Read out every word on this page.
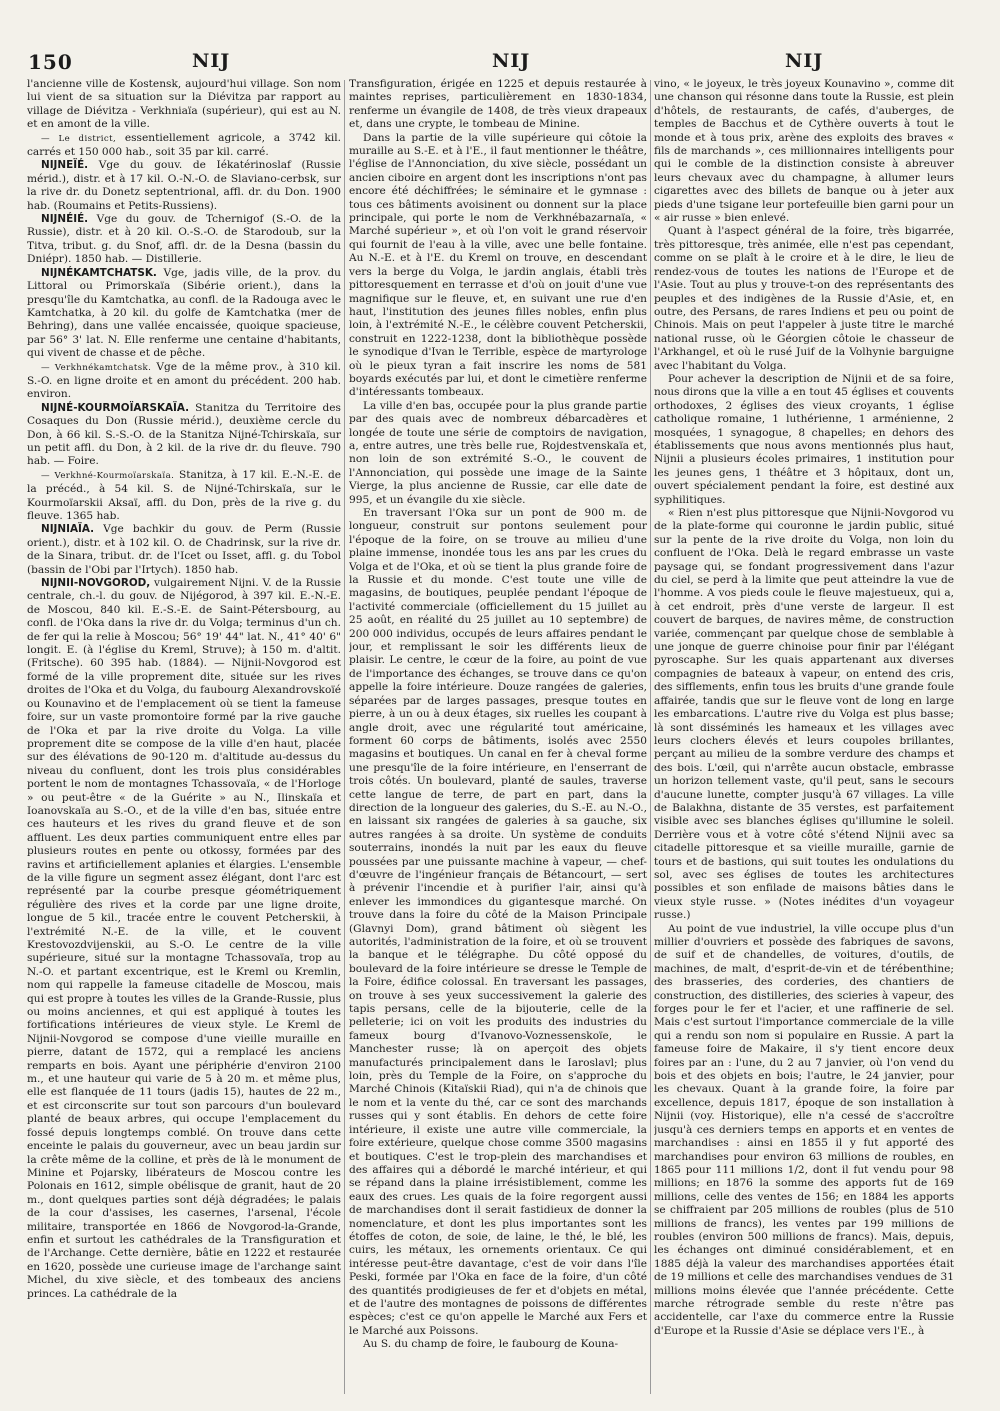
150	NIJ	NIJ	NIJ

l'ancienne ville de Kostensk, aujourd'hui village. Son nom lui vient de sa situation sur la Diévitza par rapport au village de Diévitza - Verkhniaïa (supérieur), qui est au N. et en amont de la ville.

— Le district, essentiellement agricole, a 3742 kil. carrés et 150 000 hab., soit 35 par kil. carré.

NIJNEÏÉ. Vge du gouv. de Iékatérinoslaf (Russie mérid.), distr. et à 17 kil. O.-N.-O. de Slaviano-cerbsk, sur la rive dr. du Donetz septentrional, affl. dr. du Don. 1900 hab. (Roumains et Petits-Russiens).

NIJNÉIÉ. Vge du gouv. de Tchernigof (S.-O. de la Russie), distr. et à 20 kil. O.-S.-O. de Starodoub, sur la Titva, tribut. g. du Snof, affl. dr. de la Desna (bassin du Dniépr). 1850 hab. — Distillerie.

NIJNÉKAMTCHATSK. Vge, jadis ville, de la prov. du Littoral ou Primorskaïa (Sibérie orient.), dans la presqu'île du Kamtchatka, au confl. de la Radouga avec le Kamtchatka, à 20 kil. du golfe de Kamtchatka (mer de Behring), dans une vallée encaissée, quoique spacieuse, par 56° 3' lat. N. Elle renferme une centaine d'habitants, qui vivent de chasse et de pêche.

— Verkhnékamtchatsk. Vge de la même prov., à 310 kil. S.-O. en ligne droite et en amont du précédent. 200 hab. environ.

NIJNÉ-KOURMOÏARSKAÏA. Stanitza du Territoire des Cosaques du Don (Russie mérid.), deuxième cercle du Don, à 66 kil. S.-S.-O. de la Stanitza Nijné-Tchirskaïa, sur un petit affl. du Don, à 2 kil. de la rive dr. du fleuve. 790 hab. — Foire.

— Verkhné-Kourmoïarskaïa. Stanitza, à 17 kil. E.-N.-E. de la précéd., à 54 kil. S. de Nijné-Tchirskaïa, sur le Kourmoïarskii Aksaï, affl. du Don, près de la rive g. du fleuve. 1365 hab.

NIJNIAÏA. Vge bachkir du gouv. de Perm (Russie orient.), distr. et à 102 kil. O. de Chadrinsk, sur la rive dr. de la Sinara, tribut. dr. de l'Icet ou Isset, affl. g. du Tobol (bassin de l'Obi par l'Irtych). 1850 hab.

NIJNII-NOVGOROD, vulgairement Nijni. V. de la Russie centrale, ch.-l. du gouv. de Nijégorod, à 397 kil. E.-N.-E. de Moscou, 840 kil. E.-S.-E. de Saint-Pétersbourg, au confl. de l'Oka dans la rive dr. du Volga; terminus d'un ch. de fer qui la relie à Moscou; 56° 19' 44" lat. N., 41° 40' 6" longit. E. (à l'église du Kreml, Struve); à 150 m. d'altit. (Fritsche). 60 395 hab. (1884). — Nijnii-Novgorod est formé de la ville proprement dite, située sur les rives droites de l'Oka et du Volga, du faubourg Alexandrovskoïé ou Kounavino et de l'emplacement où se tient la fameuse foire, sur un vaste promontoire formé par la rive gauche de l'Oka et par la rive droite du Volga. La ville proprement dite se compose de la ville d'en haut, placée sur des élévations de 90-120 m. d'altitude au-dessus du niveau du confluent, dont les trois plus considérables portent le nom de montagnes Tchassovaïa, « de l'Horloge » ou peut-être « de la Guérite » au N., Ilinskaïa et Ioanovskaïa au S.-O., et de la ville d'en bas, située entre ces hauteurs et les rives du grand fleuve et de son affluent. Les deux parties communiquent entre elles par plusieurs routes en pente ou otkossy, formées par des ravins et artificiellement aplanies et élargies. L'ensemble de la ville figure un segment assez élégant, dont l'arc est représenté par la courbe presque géométriquement régulière des rives et la corde par une ligne droite, longue de 5 kil., tracée entre le couvent Petcherskii, à l'extrémité N.-E. de la ville, et le couvent Krestovozdvijenskii, au S.-O. Le centre de la ville supérieure, situé sur la montagne Tchassovaïa, trop au N.-O. et partant excentrique, est le Kreml ou Kremlin, nom qui rappelle la fameuse citadelle de Moscou, mais qui est propre à toutes les villes de la Grande-Russie, plus ou moins anciennes, et qui est appliqué à toutes les fortifications intérieures de vieux style. Le Kreml de Nijnii-Novgorod se compose d'une vieille muraille en pierre, datant de 1572, qui a remplacé les anciens remparts en bois. Ayant une périphérie d'environ 2100 m., et une hauteur qui varie de 5 à 20 m. et même plus, elle est flanquée de 11 tours (jadis 15), hautes de 22 m., et est circonscrite sur tout son parcours d'un boulevard planté de beaux arbres, qui occupe l'emplacement du fossé depuis longtemps comblé. On trouve dans cette enceinte le palais du gouverneur, avec un beau jardin sur la crête même de la colline, et près de là le monument de Minine et Pojarsky, libérateurs de Moscou contre les Polonais en 1612, simple obélisque de granit, haut de 20 m., dont quelques parties sont déjà dégradées; le palais de la cour d'assises, les casernes, l'arsenal, l'école militaire, transportée en 1866 de Novgorod-la-Grande, enfin et surtout les cathédrales de la Transfiguration et de l'Archange. Cette dernière, bâtie en 1222 et restaurée en 1620, possède une curieuse image de l'archange saint Michel, du xive siècle, et des tombeaux des anciens princes. La cathédrale de la

Transfiguration, érigée en 1225 et depuis restaurée à maintes reprises, particulièrement en 1830-1834, renferme un évangile de 1408, de très vieux drapeaux et, dans une crypte, le tombeau de Minine.

Dans la partie de la ville supérieure qui côtoie la muraille au S.-E. et à l'E., il faut mentionner le théâtre, l'église de l'Annonciation, du xive siècle, possédant un ancien ciboire en argent dont les inscriptions n'ont pas encore été déchiffrées; le séminaire et le gymnase : tous ces bâtiments avoisinent ou donnent sur la place principale, qui porte le nom de Verkhnébazarnaïa, « Marché supérieur », et où l'on voit le grand réservoir qui fournit de l'eau à la ville, avec une belle fontaine. Au N.-E. et à l'E. du Kreml on trouve, en descendant vers la berge du Volga, le jardin anglais, établi très pittoresquement en terrasse et d'où on jouit d'une vue magnifique sur le fleuve, et, en suivant une rue d'en haut, l'institution des jeunes filles nobles, enfin plus loin, à l'extrémité N.-E., le célèbre couvent Petcherskii, construit en 1222-1238, dont la bibliothèque possède le synodique d'Ivan le Terrible, espèce de martyrologe où le pieux tyran a fait inscrire les noms de 581 boyards exécutés par lui, et dont le cimetière renferme d'intéressants tombeaux.

La ville d'en bas, occupée pour la plus grande partie par des quais avec de nombreux débarcadères et longée de toute une série de comptoirs de navigation, a, entre autres, une très belle rue, Rojdestvenskaïa et, non loin de son extrémité S.-O., le couvent de l'Annonciation, qui possède une image de la Sainte Vierge, la plus ancienne de Russie, car elle date de 995, et un évangile du xie siècle.

En traversant l'Oka sur un pont de 900 m. de longueur, construit sur pontons seulement pour l'époque de la foire, on se trouve au milieu d'une plaine immense, inondée tous les ans par les crues du Volga et de l'Oka, et où se tient la plus grande foire de la Russie et du monde. C'est toute une ville de magasins, de boutiques, peuplée pendant l'époque de l'activité commerciale (officiellement du 15 juillet au 25 août, en réalité du 25 juillet au 10 septembre) de 200 000 individus, occupés de leurs affaires pendant le jour, et remplissant le soir les différents lieux de plaisir. Le centre, le cœur de la foire, au point de vue de l'importance des échanges, se trouve dans ce qu'on appelle la foire intérieure. Douze rangées de galeries, séparées par de larges passages, presque toutes en pierre, à un ou à deux étages, six ruelles les coupant à angle droit, avec une régularité tout américaine, forment 60 corps de bâtiments, isolés avec 2550 magasins et boutiques. Un canal en fer à cheval forme une presqu'île de la foire intérieure, en l'enserrant de trois côtés. Un boulevard, planté de saules, traverse cette langue de terre, de part en part, dans la direction de la longueur des galeries, du S.-E. au N.-O., en laissant six rangées de galeries à sa gauche, six autres rangées à sa droite. Un système de conduits souterrains, inondés la nuit par les eaux du fleuve poussées par une puissante machine à vapeur, — chef-d'œuvre de l'ingénieur français de Bétancourt, — sert à prévenir l'incendie et à purifier l'air, ainsi qu'à enlever les immondices du gigantesque marché. On trouve dans la foire du côté de la Maison Principale (Glavnyi Dom), grand bâtiment où siègent les autorités, l'administration de la foire, et où se trouvent la banque et le télégraphe. Du côté opposé du boulevard de la foire intérieure se dresse le Temple de la Foire, édifice colossal. En traversant les passages, on trouve à ses yeux successivement la galerie des tapis persans, celle de la bijouterie, celle de la pelleterie; ici on voit les produits des industries du fameux bourg d'Ivanovo-Voznessenskoïe, le Manchester russe; là on aperçoit des objets manufacturés principalement dans le Iaroslavl; plus loin, près du Temple de la Foire, on s'approche du Marché Chinois (Kitaïskii Riad), qui n'a de chinois que le nom et la vente du thé, car ce sont des marchands russes qui y sont établis. En dehors de cette foire intérieure, il existe une autre ville commerciale, la foire extérieure, quelque chose comme 3500 magasins et boutiques. C'est le trop-plein des marchandises et des affaires qui a débordé le marché intérieur, et qui se répand dans la plaine irrésistiblement, comme les eaux des crues. Les quais de la foire regorgent aussi de marchandises dont il serait fastidieux de donner la nomenclature, et dont les plus importantes sont les étoffes de coton, de soie, de laine, le thé, le blé, les cuirs, les métaux, les ornements orientaux. Ce qui intéresse peut-être davantage, c'est de voir dans l'île Peski, formée par l'Oka en face de la foire, d'un côté des quantités prodigieuses de fer et d'objets en métal, et de l'autre des montagnes de poissons de différentes espèces; c'est ce qu'on appelle le Marché aux Fers et le Marché aux Poissons.

Au S. du champ de foire, le faubourg de Kouna-

vino, « le joyeux, le très joyeux Kounavino », comme dit une chanson qui résonne dans toute la Russie, est plein d'hôtels, de restaurants, de cafés, d'auberges, de temples de Bacchus et de Cythère ouverts à tout le monde et à tous prix, arène des exploits des braves « fils de marchands », ces millionnaires intelligents pour qui le comble de la distinction consiste à abreuver leurs chevaux avec du champagne, à allumer leurs cigarettes avec des billets de banque ou à jeter aux pieds d'une tsigane leur portefeuille bien garni pour un « air russe » bien enlevé.

Quant à l'aspect général de la foire, très bigarrée, très pittoresque, très animée, elle n'est pas cependant, comme on se plaît à le croire et à le dire, le lieu de rendez-vous de toutes les nations de l'Europe et de l'Asie. Tout au plus y trouve-t-on des représentants des peuples et des indigènes de la Russie d'Asie, et, en outre, des Persans, de rares Indiens et peu ou point de Chinois. Mais on peut l'appeler à juste titre le marché national russe, où le Géorgien côtoie le chasseur de l'Arkhangel, et où le rusé Juif de la Volhynie barguigne avec l'habitant du Volga.

Pour achever la description de Nijnii et de sa foire, nous dirons que la ville a en tout 45 églises et couvents orthodoxes, 2 églises des vieux croyants, 1 église catholique romaine, 1 luthérienne, 1 arménienne, 2 mosquées, 1 synagogue, 8 chapelles; en dehors des établissements que nous avons mentionnés plus haut, Nijnii a plusieurs écoles primaires, 1 institution pour les jeunes gens, 1 théâtre et 3 hôpitaux, dont un, ouvert spécialement pendant la foire, est destiné aux syphilitiques.

« Rien n'est plus pittoresque que Nijnii-Novgorod vu de la plate-forme qui couronne le jardin public, situé sur la pente de la rive droite du Volga, non loin du confluent de l'Oka. Delà le regard embrasse un vaste paysage qui, se fondant progressivement dans l'azur du ciel, se perd à la limite que peut atteindre la vue de l'homme. A vos pieds coule le fleuve majestueux, qui a, à cet endroit, près d'une verste de largeur. Il est couvert de barques, de navires même, de construction variée, commençant par quelque chose de semblable à une jonque de guerre chinoise pour finir par l'élégant pyroscaphe. Sur les quais appartenant aux diverses compagnies de bateaux à vapeur, on entend des cris, des sifflements, enfin tous les bruits d'une grande foule affairée, tandis que sur le fleuve vont de long en large les embarcations. L'autre rive du Volga est plus basse; là sont disséminés les hameaux et les villages avec leurs clochers élevés et leurs coupoles brillantes, perçant au milieu de la sombre verdure des champs et des bois. L'œil, qui n'arrête aucun obstacle, embrasse un horizon tellement vaste, qu'il peut, sans le secours d'aucune lunette, compter jusqu'à 67 villages. La ville de Balakhna, distante de 35 verstes, est parfaitement visible avec ses blanches églises qu'illumine le soleil. Derrière vous et à votre côté s'étend Nijnii avec sa citadelle pittoresque et sa vieille muraille, garnie de tours et de bastions, qui suit toutes les ondulations du sol, avec ses églises de toutes les architectures possibles et son enfilade de maisons bâties dans le vieux style russe. » (Notes inédites d'un voyageur russe.)

Au point de vue industriel, la ville occupe plus d'un millier d'ouvriers et possède des fabriques de savons, de suif et de chandelles, de voitures, d'outils, de machines, de malt, d'esprit-de-vin et de térébenthine; des brasseries, des corderies, des chantiers de construction, des distilleries, des scieries à vapeur, des forges pour le fer et l'acier, et une raffinerie de sel. Mais c'est surtout l'importance commerciale de la ville qui a rendu son nom si populaire en Russie. A part la fameuse foire de Makaire, il s'y tient encore deux foires par an : l'une, du 2 au 7 janvier, où l'on vend du bois et des objets en bois; l'autre, le 24 janvier, pour les chevaux. Quant à la grande foire, la foire par excellence, depuis 1817, époque de son installation à Nijnii (voy. Historique), elle n'a cessé de s'accroître jusqu'à ces derniers temps en apports et en ventes de marchandises : ainsi en 1855 il y fut apporté des marchandises pour environ 63 millions de roubles, en 1865 pour 111 millions 1/2, dont il fut vendu pour 98 millions; en 1876 la somme des apports fut de 169 millions, celle des ventes de 156; en 1884 les apports se chiffraient par 205 millions de roubles (plus de 510 millions de francs), les ventes par 199 millions de roubles (environ 500 millions de francs). Mais, depuis, les échanges ont diminué considérablement, et en 1885 déjà la valeur des marchandises apportées était de 19 millions et celle des marchandises vendues de 31 millions moins élevée que l'année précédente. Cette marche rétrograde semble du reste n'être pas accidentelle, car l'axe du commerce entre la Russie d'Europe et la Russie d'Asie se déplace vers l'E., à
